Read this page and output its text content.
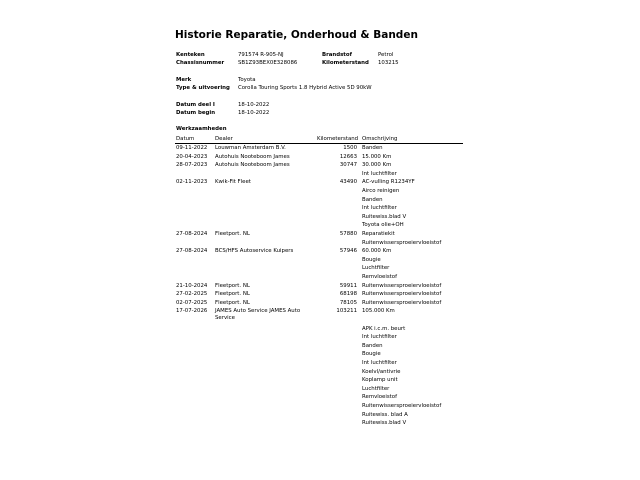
Historie Reparatie, Onderhoud & Banden
Kenteken	791574 R-905-NJ	Brandstof	Petrol
Chassisnummer	SB1Z93BEX0E328086	Kilometerstand 103215
Merk	Toyota
Type & uitvoering Corolla Touring Sports 1.8 Hybrid Active 5D 90kW
Datum deel I	18-10-2022
Datum begin	18-10-2022
Werkzaamheden
Datum	Dealer	Kilometerstand Omschrijving
09-11-2022 Louwman Amsterdam B.V.	1500 Banden
20-04-2023 Autohuis Nooteboom James	12663 15.000 Km
28-07-2023 Autohuis Nooteboom James	30747 30.000 Km
Int luchtfilter
02-11-2023 Kwik-Fit Fleet	43490 AC-vulling R1234YF
Airco reinigen
Banden
Int luchtfilter
Ruitewiss.blad V
Toyota olie+OH
27-08-2024 Fleetport. NL	57880 Reparatiekit
Ruitenwissersproeiervloeistof
27-08-2024 BCS/HFS Autoservice Kuipers	57946 60.000 Km
Bougie
Luchtfilter
Remvloeistof
21-10-2024 Fleetport. NL	59911 Ruitenwissersproeiervloeistof
27-02-2025 Fleetport. NL	68198 Ruitenwissersproeiervloeistof
02-07-2025 Fleetport. NL	78105 Ruitenwissersproeiervloeistof
17-07-2026 JAMES Auto Service JAMES Auto
Service
103211 105.000 Km
APK i.c.m. beurt
Int luchtfilter
Banden
Bougie
Int luchtfilter
Koelvl/antivrie
Koplamp unit
Luchtfilter
Remvloeistof
Ruitenwissersproeiervloeistof
Ruitewiss. blad A
Ruitewiss.blad V
